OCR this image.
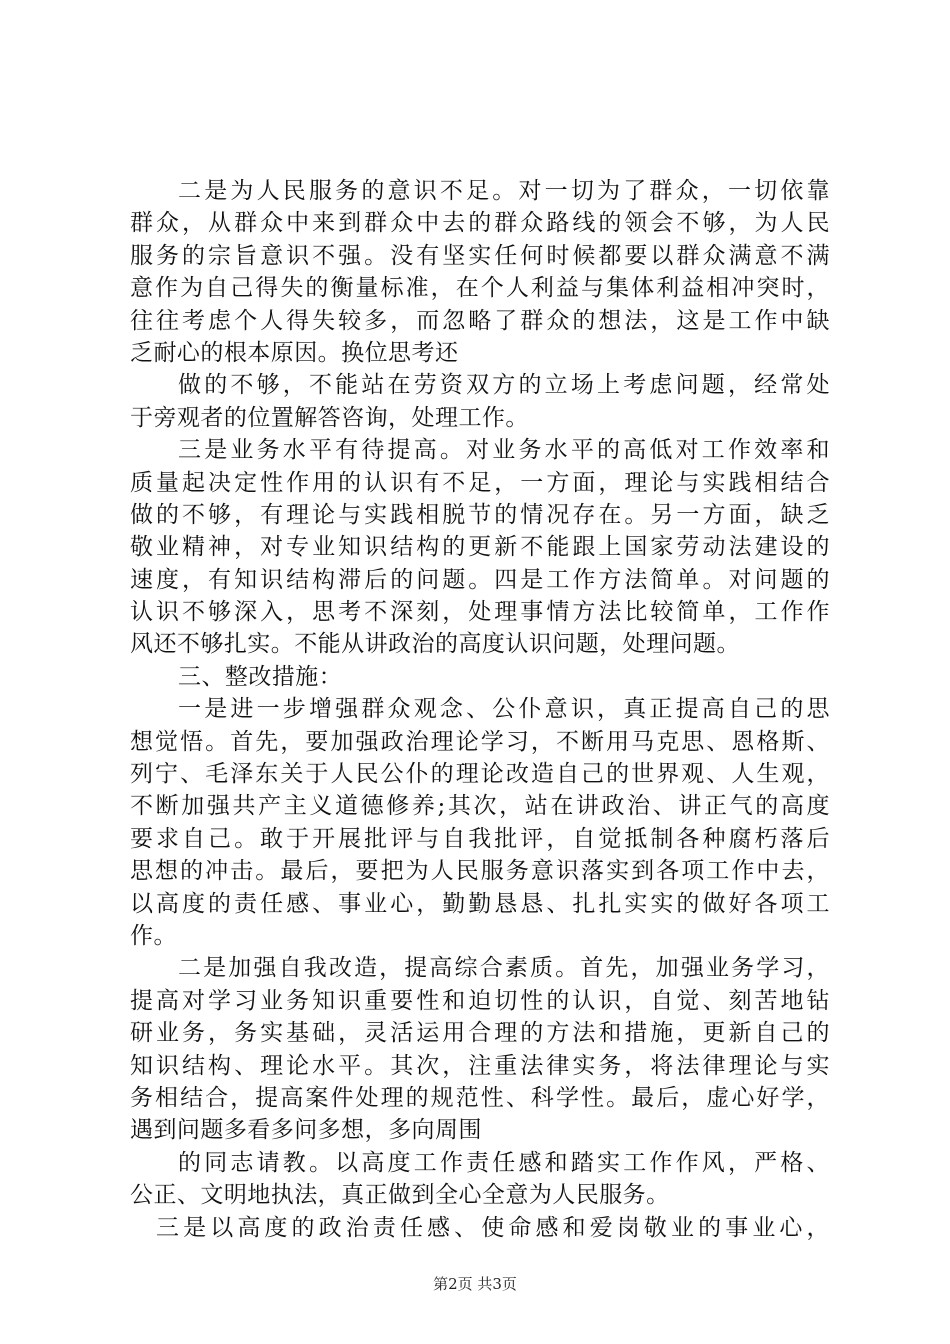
二是为人民服务的意识不足。对一切为了群众，一切依靠
群众，从群众中来到群众中去的群众路线的领会不够，为人民
服务的宗旨意识不强。没有坚实任何时候都要以群众满意不满
意作为自己得失的衡量标准，在个人利益与集体利益相冲突时，
往往考虑个人得失较多，而忽略了群众的想法，这是工作中缺
乏耐心的根本原因。换位思考还
做的不够，不能站在劳资双方的立场上考虑问题，经常处
于旁观者的位置解答咨询，处理工作。
三是业务水平有待提高。对业务水平的高低对工作效率和
质量起决定性作用的认识有不足，一方面，理论与实践相结合
做的不够，有理论与实践相脱节的情况存在。另一方面，缺乏
敬业精神，对专业知识结构的更新不能跟上国家劳动法建设的
速度，有知识结构滞后的问题。四是工作方法简单。对问题的
认识不够深入，思考不深刻，处理事情方法比较简单，工作作
风还不够扎实。不能从讲政治的高度认识问题，处理问题。
三、整改措施：
一是进一步增强群众观念、公仆意识，真正提高自己的思
想觉悟。首先，要加强政治理论学习，不断用马克思、恩格斯、
列宁、毛泽东关于人民公仆的理论改造自己的世界观、人生观，
不断加强共产主义道德修养;其次，站在讲政治、讲正气的高度
要求自己。敢于开展批评与自我批评，自觉抵制各种腐朽落后
思想的冲击。最后，要把为人民服务意识落实到各项工作中去，
以高度的责任感、事业心，勤勤恳恳、扎扎实实的做好各项工
作。
二是加强自我改造，提高综合素质。首先，加强业务学习，
提高对学习业务知识重要性和迫切性的认识，自觉、刻苦地钻
研业务，务实基础，灵活运用合理的方法和措施，更新自己的
知识结构、理论水平。其次，注重法律实务，将法律理论与实
务相结合，提高案件处理的规范性、科学性。最后，虚心好学，
遇到问题多看多问多想，多向周围
的同志请教。以高度工作责任感和踏实工作作风，严格、
公正、文明地执法，真正做到全心全意为人民服务。
三是以高度的政治责任感、使命感和爱岗敬业的事业心，
第2页 共3页
